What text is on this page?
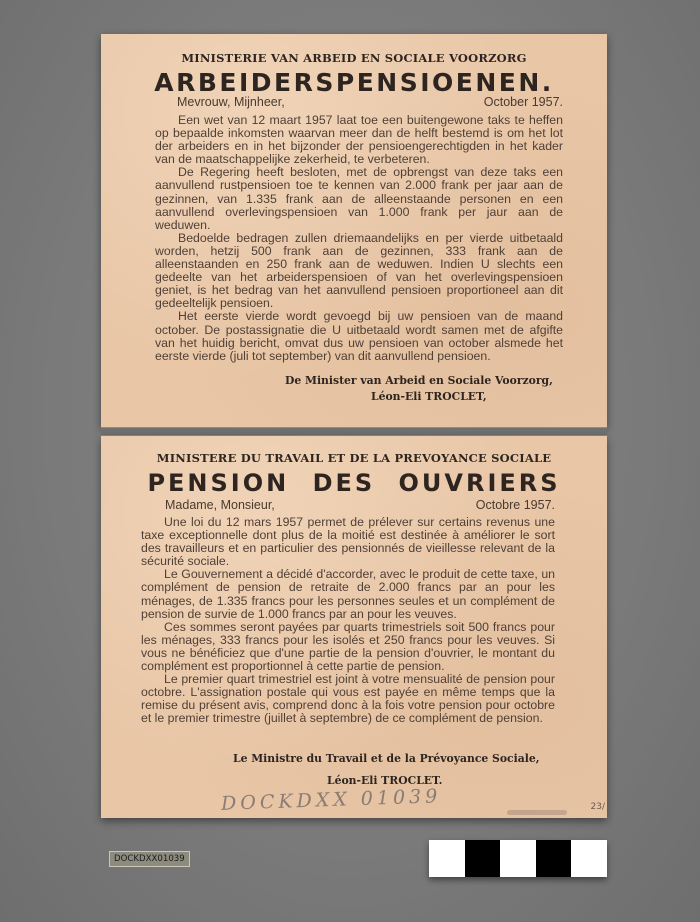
MINISTERIE VAN ARBEID EN SOCIALE VOORZORG
ARBEIDERSPENSIOENEN.
Mevrouw, Mijnheer,	October 1957.

Een wet van 12 maart 1957 laat toe een buitengewone taks te heffen op bepaalde inkomsten waarvan meer dan de helft bestemd is om het lot der arbeiders en in het bijzonder der pensioengerechtigden in het kader van de maatschappelijke zekerheid, te verbeteren.

De Regering heeft besloten, met de opbrengst van deze taks een aanvullend rustpensioen toe te kennen van 2.000 frank per jaar aan de gezinnen, van 1.335 frank aan de alleenstaande personen en een aanvullend overlevingspensioen van 1.000 frank per jaur aan de weduwen.

Bedoelde bedragen zullen driemaandelijks en per vierde uitbetaald worden, hetzij 500 frank aan de gezinnen, 333 frank aan de alleenstaanden en 250 frank aan de weduwen. Indien U slechts een gedeelte van het arbeiderspensioen of van het overlevingspensioen geniet, is het bedrag van het aanvullend pensioen proportioneel aan dit gedeeltelijk pensioen.

Het eerste vierde wordt gevoegd bij uw pensioen van de maand october. De postassignatie die U uitbetaald wordt samen met de afgifte van het huidig bericht, omvat dus uw pensioen van october alsmede het eerste vierde (juli tot september) van dit aanvullend pensioen.

De Minister van Arbeid en Sociale Voorzorg,
Léon-Eli TROCLET,
MINISTERE DU TRAVAIL ET DE LA PREVOYANCE SOCIALE
PENSION DES OUVRIERS
Madame, Monsieur,	Octobre 1957.

Une loi du 12 mars 1957 permet de prélever sur certains revenus une taxe exceptionnelle dont plus de la moitié est destinée à améliorer le sort des travailleurs et en particulier des pensionnés de vieillesse relevant de la sécurité sociale.

Le Gouvernement a décidé d'accorder, avec le produit de cette taxe, un complément de pension de retraite de 2.000 francs par an pour les ménages, de 1.335 francs pour les personnes seules et un complément de pension de survie de 1.000 francs par an pour les veuves.

Ces sommes seront payées par quarts trimestriels soit 500 francs pour les ménages, 333 francs pour les isolés et 250 francs pour les veuves. Si vous ne bénéficiez que d'une partie de la pension d'ouvrier, le montant du complément est proportionnel à cette partie de pension.

Le premier quart trimestriel est joint à votre mensualité de pension pour octobre. L'assignation postale qui vous est payée en même temps que la remise du présent avis, comprend donc à la fois votre pension pour octobre et le premier trimestre (juillet à septembre) de ce complément de pension.

Le Ministre du Travail et de la Prévoyance Sociale,
Léon-Eli TROCLET.
DOCKDXX 01039	23/
DOCKDXX01039
